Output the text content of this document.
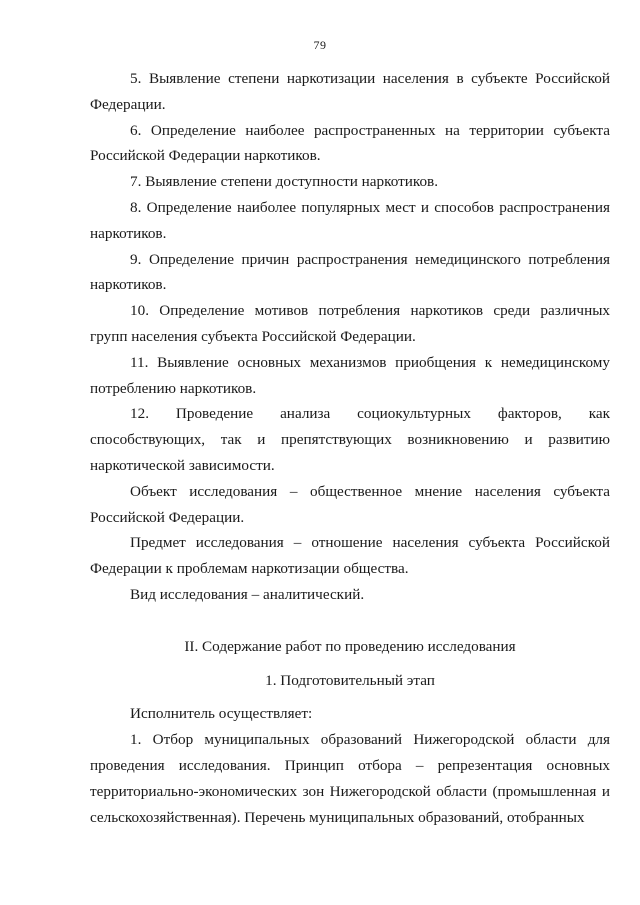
79

5. Выявление степени наркотизации населения в субъекте Российской Федерации.

6. Определение наиболее распространенных на территории субъекта Российской Федерации наркотиков.

7. Выявление степени доступности наркотиков.

8. Определение наиболее популярных мест и способов распространения наркотиков.

9. Определение причин распространения немедицинского потребления наркотиков.

10. Определение мотивов потребления наркотиков среди различных групп населения субъекта Российской Федерации.

11. Выявление основных механизмов приобщения к немедицинскому потреблению наркотиков.

12. Проведение анализа социокультурных факторов, как способствующих, так и препятствующих возникновению и развитию наркотической зависимости.

Объект исследования – общественное мнение населения субъекта Российской Федерации.

Предмет исследования – отношение населения субъекта Российской Федерации к проблемам наркотизации общества.

Вид исследования – аналитический.

II. Содержание работ по проведению исследования

1. Подготовительный этап

Исполнитель осуществляет:

1. Отбор муниципальных образований Нижегородской области для проведения исследования. Принцип отбора – репрезентация основных территориально-экономических зон Нижегородской области (промышленная и сельскохозяйственная). Перечень муниципальных образований, отобранных
